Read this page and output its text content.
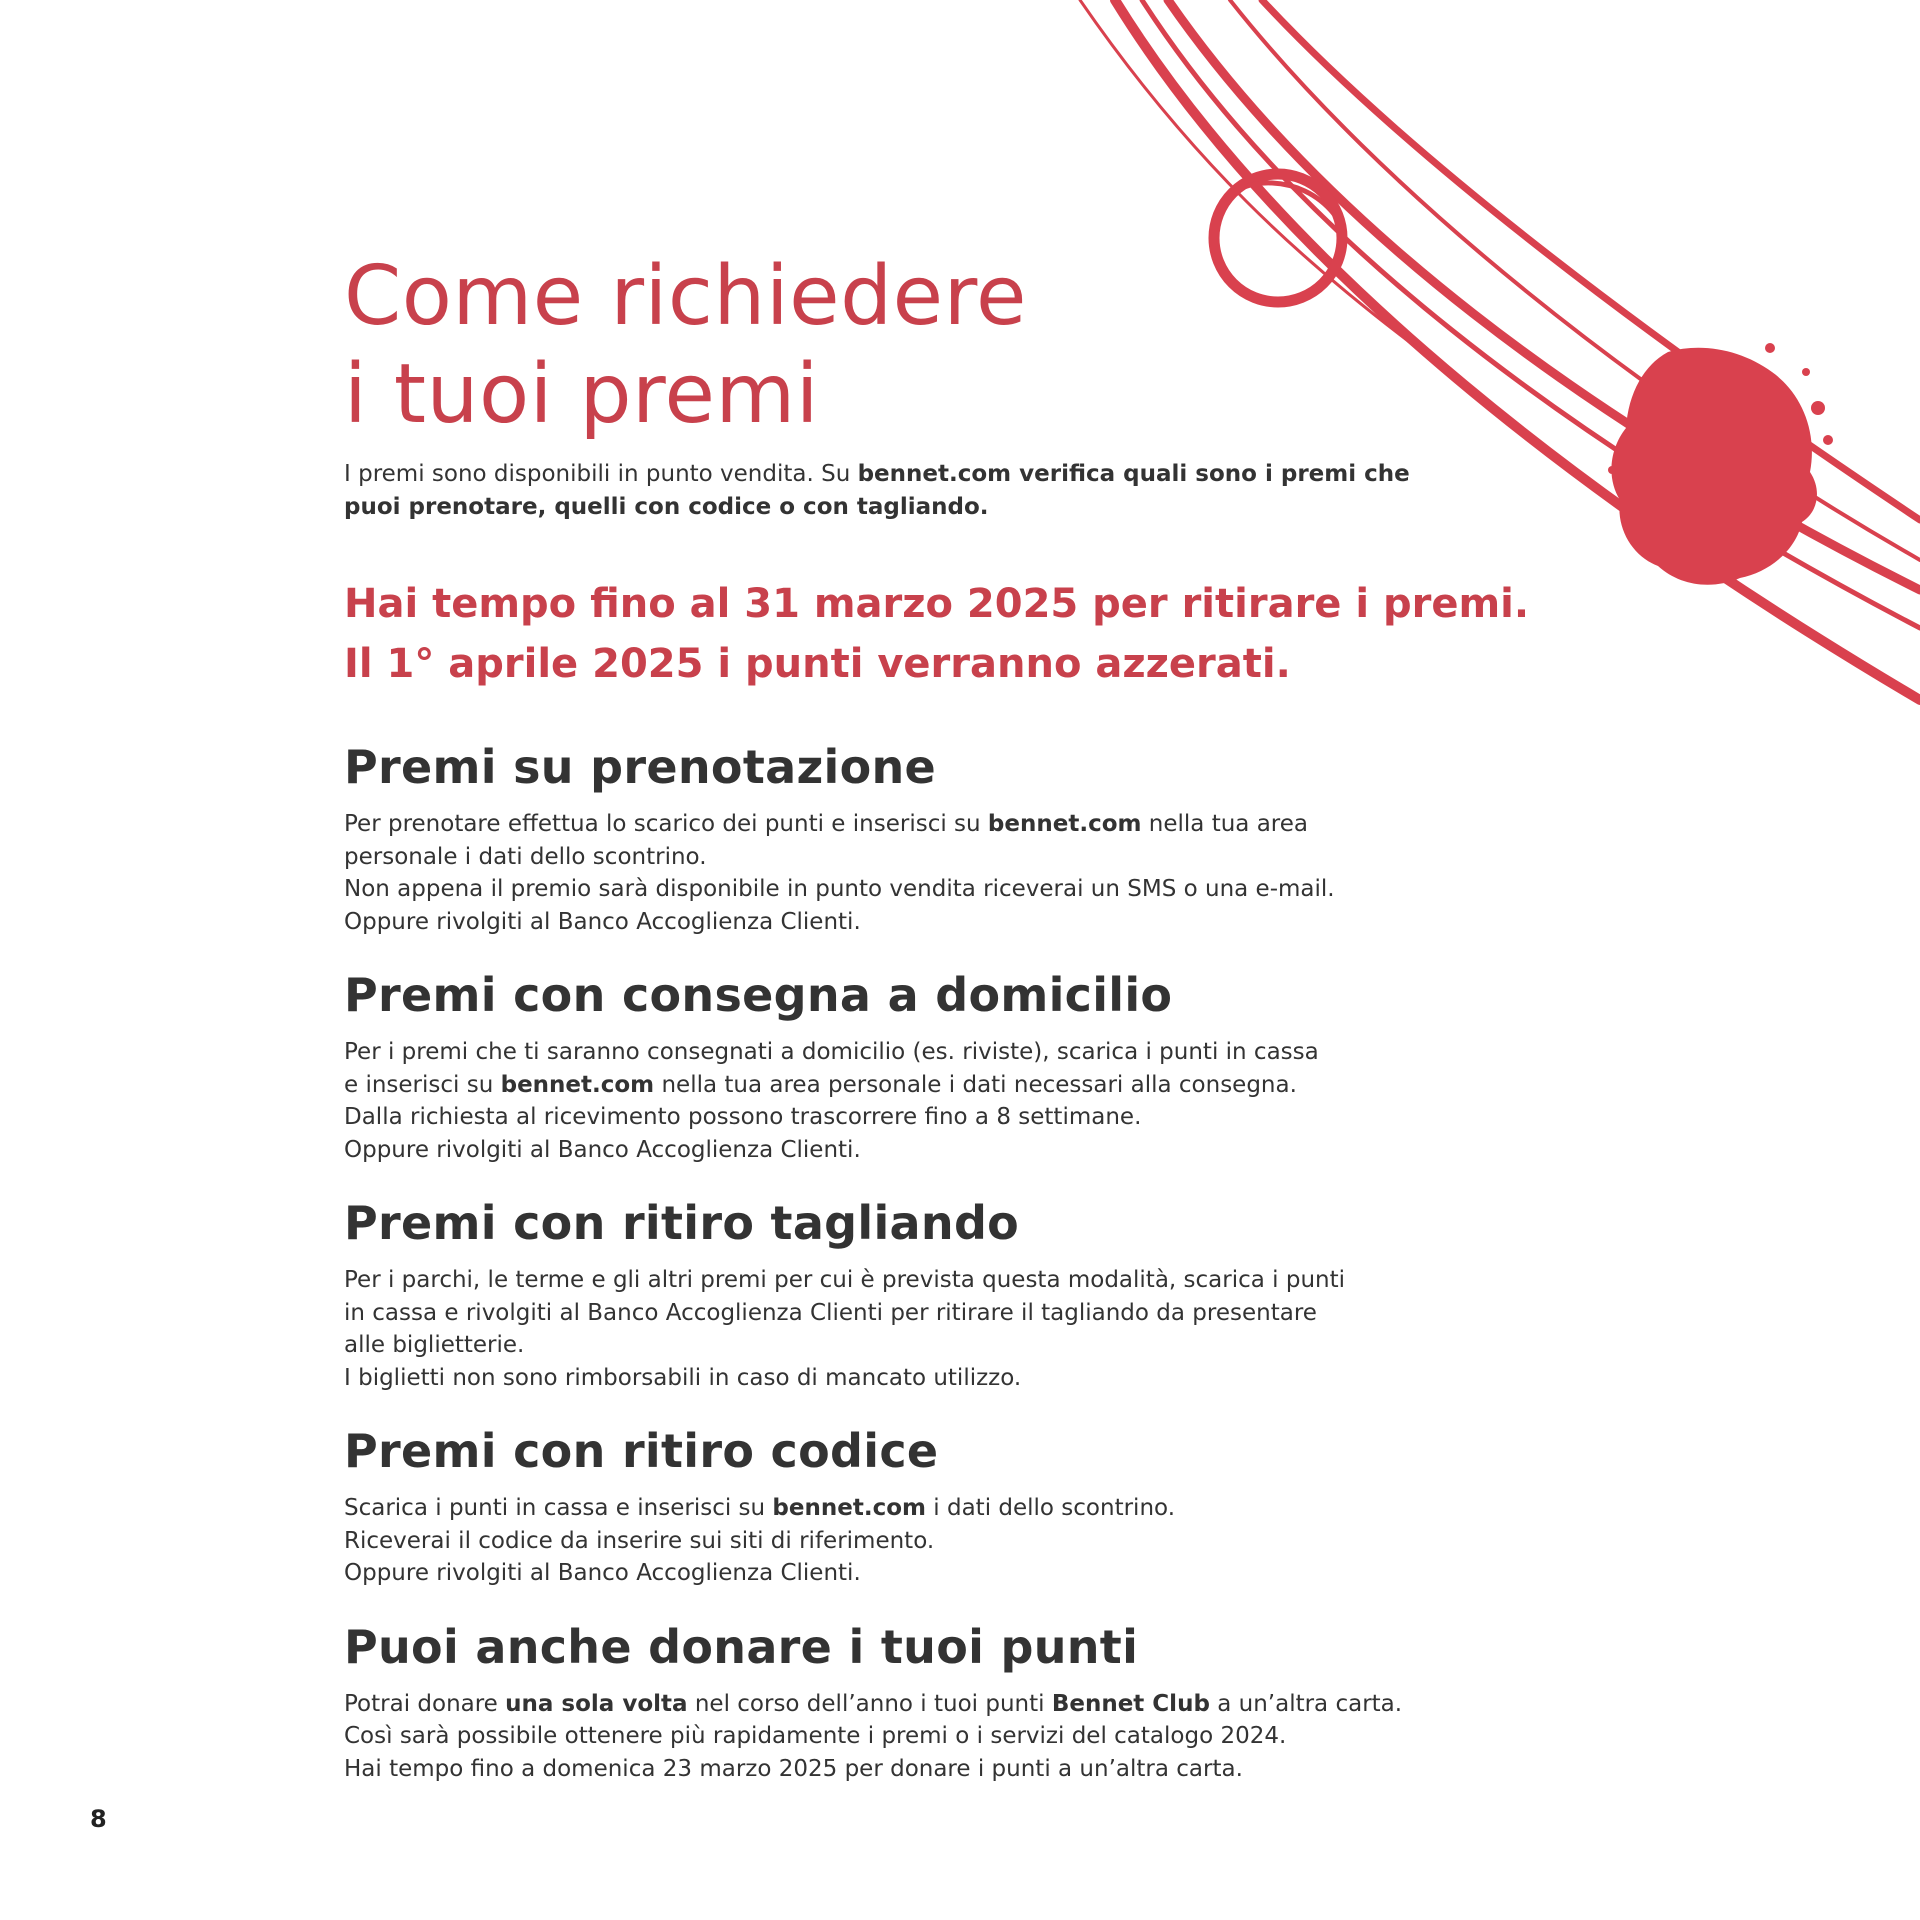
Come richiedere
i tuoi premi

I premi sono disponibili in punto vendita. Su bennet.com verifica quali sono i premi che puoi prenotare, quelli con codice o con tagliando.

Hai tempo fino al 31 marzo 2025 per ritirare i premi.
Il 1° aprile 2025 i punti verranno azzerati.
Premi su prenotazione

Per prenotare effettua lo scarico dei punti e inserisci su bennet.com nella tua area
personale i dati dello scontrino.
Non appena il premio sarà disponibile in punto vendita riceverai un SMS o una e-mail.
Oppure rivolgiti al Banco Accoglienza Clienti.

Premi con consegna a domicilio

Per i premi che ti saranno consegnati a domicilio (es. riviste), scarica i punti in cassa
e inserisci su bennet.com nella tua area personale i dati necessari alla consegna.
Dalla richiesta al ricevimento possono trascorrere fino a 8 settimane.
Oppure rivolgiti al Banco Accoglienza Clienti.

Premi con ritiro tagliando

Per i parchi, le terme e gli altri premi per cui è prevista questa modalità, scarica i punti
in cassa e rivolgiti al Banco Accoglienza Clienti per ritirare il tagliando da presentare
alle biglietterie.
I biglietti non sono rimborsabili in caso di mancato utilizzo.

Premi con ritiro codice

Scarica i punti in cassa e inserisci su bennet.com i dati dello scontrino.
Riceverai il codice da inserire sui siti di riferimento.
Oppure rivolgiti al Banco Accoglienza Clienti.

Puoi anche donare i tuoi punti

Potrai donare una sola volta nel corso dell’anno i tuoi punti Bennet Club a un’altra carta.
Così sarà possibile ottenere più rapidamente i premi o i servizi del catalogo 2024.
Hai tempo fino a domenica 23 marzo 2025 per donare i punti a un’altra carta.

8
